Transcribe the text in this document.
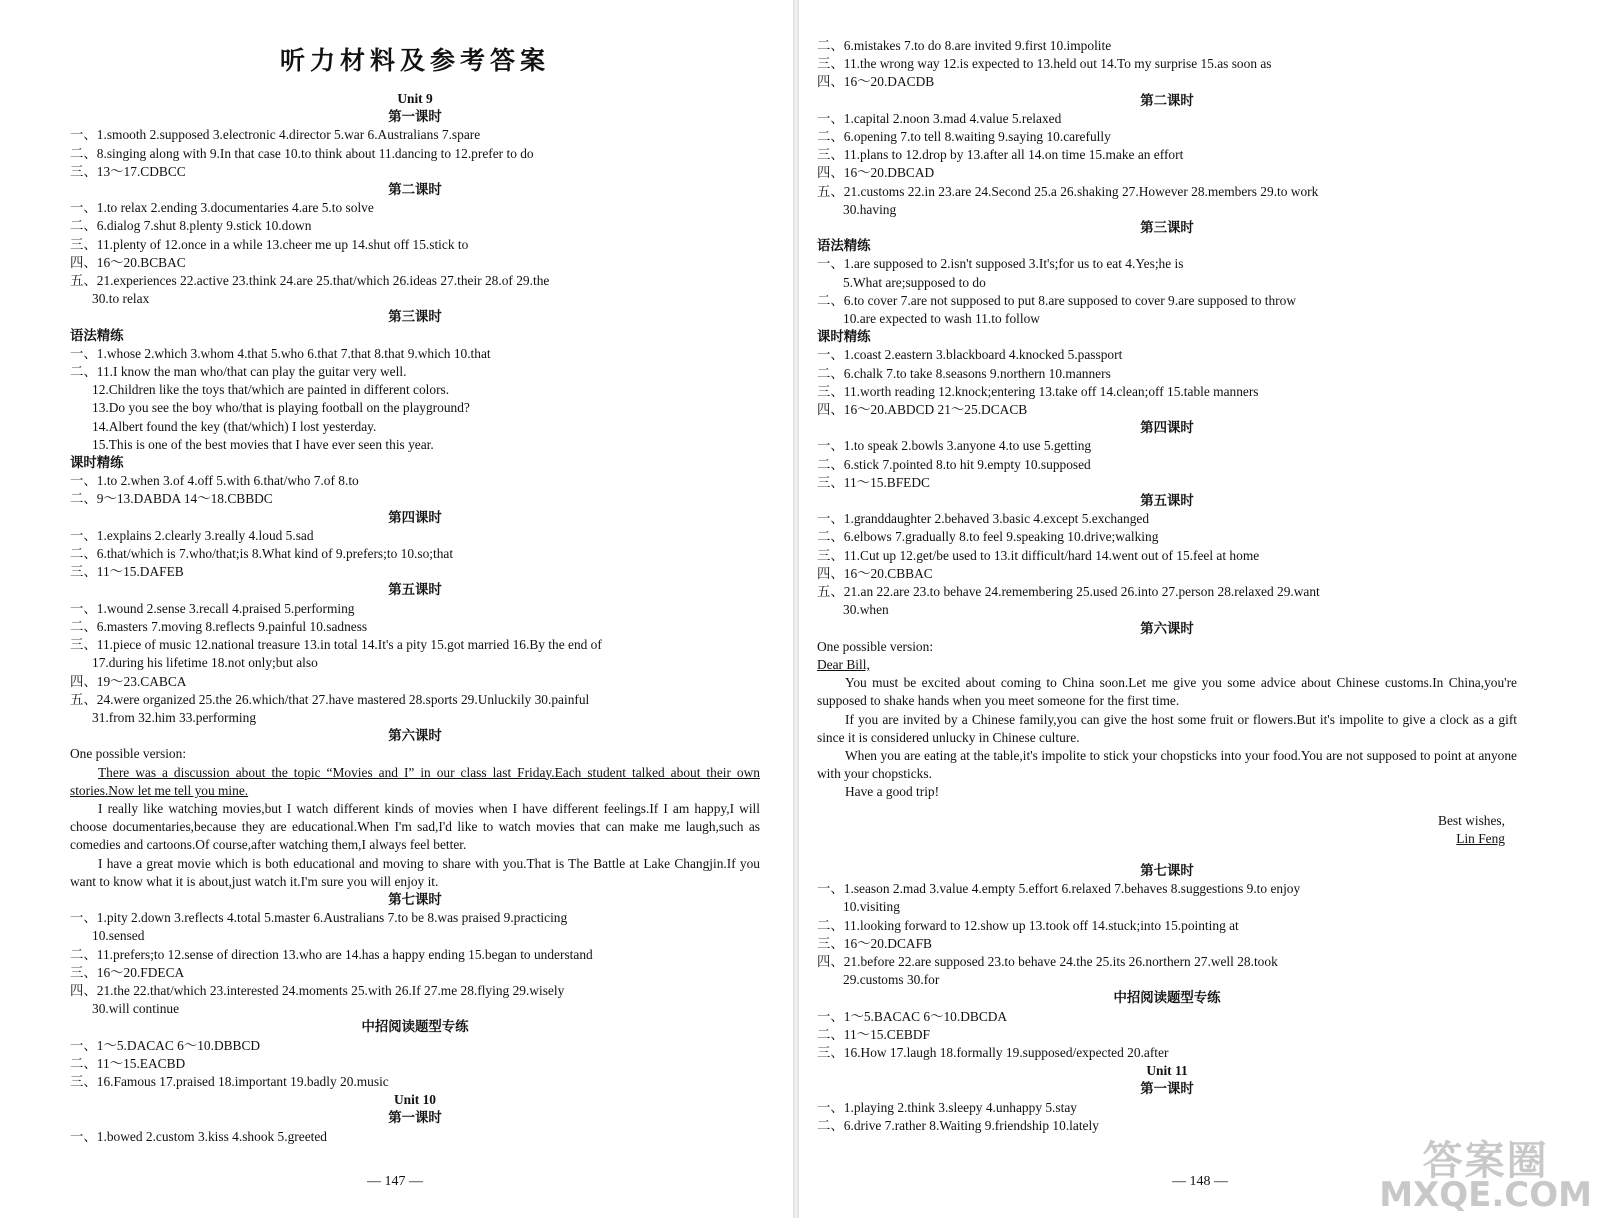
听力材料及参考答案
Unit 9
第一课时
一、1.smooth 2.supposed 3.electronic 4.director 5.war 6.Australians 7.spare
二、8.singing along with 9.In that case 10.to think about 11.dancing to 12.prefer to do
三、13～17.CDBCC
第二课时
一、1.to relax 2.ending 3.documentaries 4.are 5.to solve
二、6.dialog 7.shut 8.plenty 9.stick 10.down
三、11.plenty of 12.once in a while 13.cheer me up 14.shut off 15.stick to
四、16～20.BCBAC
五、21.experiences 22.active 23.think 24.are 25.that/which 26.ideas 27.their 28.of 29.the
30.to relax
第三课时
语法精练
一、1.whose 2.which 3.whom 4.that 5.who 6.that 7.that 8.that 9.which 10.that
二、11.I know the man who/that can play the guitar very well.
12.Children like the toys that/which are painted in different colors.
13.Do you see the boy who/that is playing football on the playground?
14.Albert found the key (that/which) I lost yesterday.
15.This is one of the best movies that I have ever seen this year.
课时精练
一、1.to 2.when 3.of 4.off 5.with 6.that/who 7.of 8.to
二、9～13.DABDA 14～18.CBBDC
第四课时
一、1.explains 2.clearly 3.really 4.loud 5.sad
二、6.that/which is 7.who/that;is 8.What kind of 9.prefers;to 10.so;that
三、11～15.DAFEB
第五课时
一、1.wound 2.sense 3.recall 4.praised 5.performing
二、6.masters 7.moving 8.reflects 9.painful 10.sadness
三、11.piece of music 12.national treasure 13.in total 14.It's a pity 15.got married 16.By the end of
17.during his lifetime 18.not only;but also
四、19～23.CABCA
五、24.were organized 25.the 26.which/that 27.have mastered 28.sports 29.Unluckily 30.painful
31.from 32.him 33.performing
第六课时
One possible version:
There was a discussion about the topic “Movies and I” in our class last Friday.Each student talked about their own stories.Now let me tell you mine.
I really like watching movies,but I watch different kinds of movies when I have different feelings.If I am happy,I will choose documentaries,because they are educational.When I'm sad,I'd like to watch movies that can make me laugh,such as comedies and cartoons.Of course,after watching them,I always feel better.
I have a great movie which is both educational and moving to share with you.That is The Battle at Lake Changjin.If you want to know what it is about,just watch it.I'm sure you will enjoy it.
第七课时
一、1.pity 2.down 3.reflects 4.total 5.master 6.Australians 7.to be 8.was praised 9.practicing
10.sensed
二、11.prefers;to 12.sense of direction 13.who are 14.has a happy ending 15.began to understand
三、16～20.FDECA
四、21.the 22.that/which 23.interested 24.moments 25.with 26.If 27.me 28.flying 29.wisely
30.will continue
中招阅读题型专练
一、1～5.DACAC 6～10.DBBCD
二、11～15.EACBD
三、16.Famous 17.praised 18.important 19.badly 20.music
Unit 10
第一课时
一、1.bowed 2.custom 3.kiss 4.shook 5.greeted
— 147 —
二、6.mistakes 7.to do 8.are invited 9.first 10.impolite
三、11.the wrong way 12.is expected to 13.held out 14.To my surprise 15.as soon as
四、16～20.DACDB
第二课时
一、1.capital 2.noon 3.mad 4.value 5.relaxed
二、6.opening 7.to tell 8.waiting 9.saying 10.carefully
三、11.plans to 12.drop by 13.after all 14.on time 15.make an effort
四、16～20.DBCAD
五、21.customs 22.in 23.are 24.Second 25.a 26.shaking 27.However 28.members 29.to work
30.having
第三课时
语法精练
一、1.are supposed to 2.isn't supposed 3.It's;for us to eat 4.Yes;he is
5.What are;supposed to do
二、6.to cover 7.are not supposed to put 8.are supposed to cover 9.are supposed to throw
10.are expected to wash 11.to follow
课时精练
一、1.coast 2.eastern 3.blackboard 4.knocked 5.passport
二、6.chalk 7.to take 8.seasons 9.northern 10.manners
三、11.worth reading 12.knock;entering 13.take off 14.clean;off 15.table manners
四、16～20.ABDCD 21～25.DCACB
第四课时
一、1.to speak 2.bowls 3.anyone 4.to use 5.getting
二、6.stick 7.pointed 8.to hit 9.empty 10.supposed
三、11～15.BFEDC
第五课时
一、1.granddaughter 2.behaved 3.basic 4.except 5.exchanged
二、6.elbows 7.gradually 8.to feel 9.speaking 10.drive;walking
三、11.Cut up 12.get/be used to 13.it difficult/hard 14.went out of 15.feel at home
四、16～20.CBBAC
五、21.an 22.are 23.to behave 24.remembering 25.used 26.into 27.person 28.relaxed 29.want
30.when
第六课时
One possible version:
Dear Bill,
You must be excited about coming to China soon.Let me give you some advice about Chinese customs.In China,you're supposed to shake hands when you meet someone for the first time.
If you are invited by a Chinese family,you can give the host some fruit or flowers.But it's impolite to give a clock as a gift since it is considered unlucky in Chinese culture.
When you are eating at the table,it's impolite to stick your chopsticks into your food.You are not supposed to point at anyone with your chopsticks.
Have a good trip!
Best wishes,
Lin Feng
第七课时
一、1.season 2.mad 3.value 4.empty 5.effort 6.relaxed 7.behaves 8.suggestions 9.to enjoy
10.visiting
二、11.looking forward to 12.show up 13.took off 14.stuck;into 15.pointing at
三、16～20.DCAFB
四、21.before 22.are supposed 23.to behave 24.the 25.its 26.northern 27.well 28.took
29.customs 30.for
中招阅读题型专练
一、1～5.BACAC 6～10.DBCDA
二、11～15.CEBDF
三、16.How 17.laugh 18.formally 19.supposed/expected 20.after
Unit 11
第一课时
一、1.playing 2.think 3.sleepy 4.unhappy 5.stay
二、6.drive 7.rather 8.Waiting 9.friendship 10.lately
— 148 —	答案圈
MXQE.COM
